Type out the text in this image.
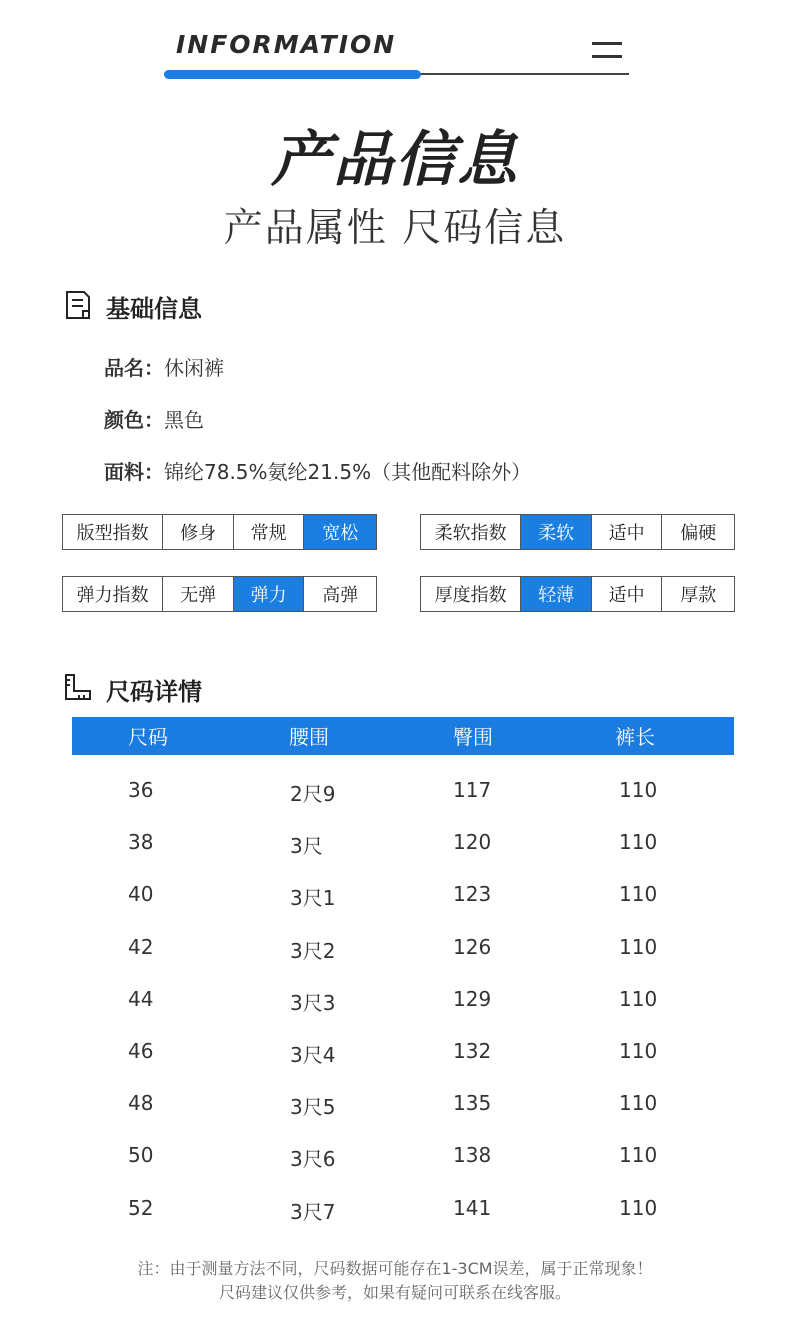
INFORMATION
产品信息
产品属性 尺码信息
基础信息
品名：休闲裤
颜色：黑色
面料：锦纶78.5%氨纶21.5%（其他配料除外）
版型指数	修身	常规	宽松	柔软指数	柔软	适中	偏硬
弹力指数	无弹	弹力	高弹	厚度指数	轻薄	适中	厚款
尺码详情
尺码	腰围	臀围	裤长
36	2尺9	117	110
38	3尺	120	110
40	3尺1	123	110
42	3尺2	126	110
44	3尺3	129	110
46	3尺4	132	110
48	3尺5	135	110
50	3尺6	138	110
52	3尺7	141	110
注：由于测量方法不同，尺码数据可能存在1-3CM误差，属于正常现象！
尺码建议仅供参考，如果有疑问可联系在线客服。
